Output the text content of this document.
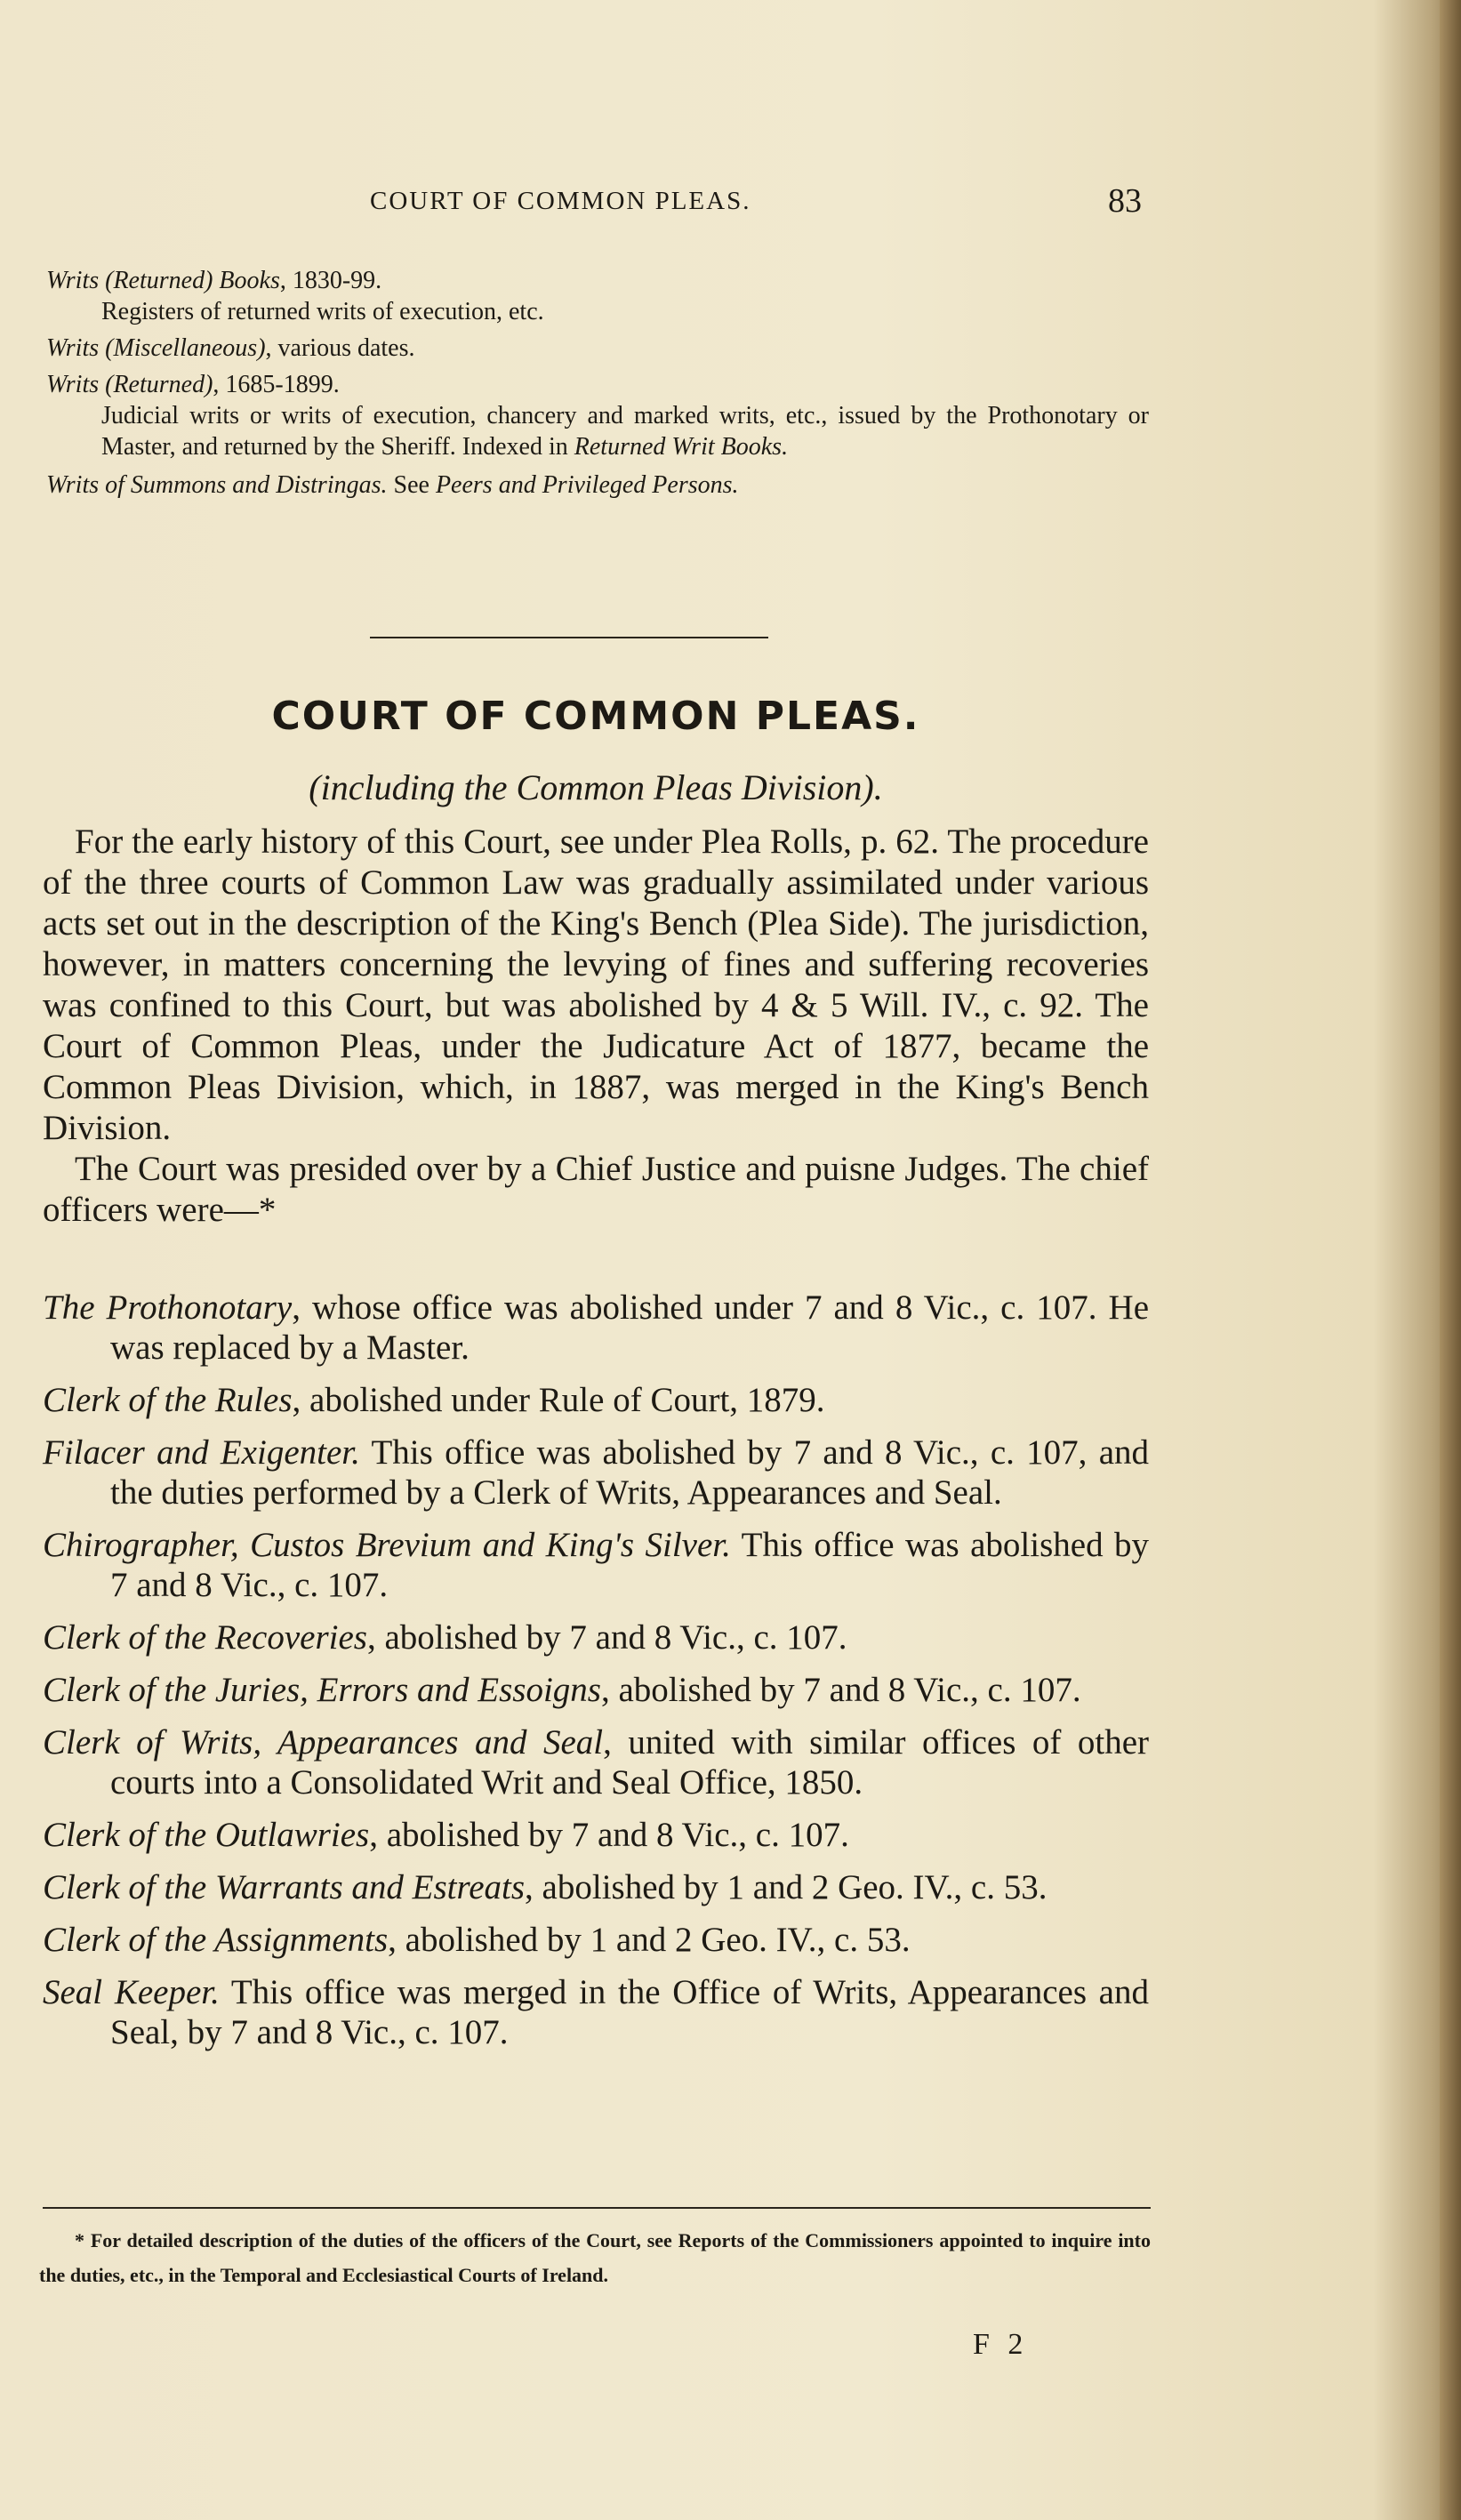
COURT OF COMMON PLEAS.	83

Writs (Returned) Books, 1830-99.

Registers of returned writs of execution, etc.

Writs (Miscellaneous), various dates.

Writs (Returned), 1685-1899.

Judicial writs or writs of execution, chancery and marked writs, etc., issued by the Prothonotary or Master, and returned by the Sheriff. Indexed in Returned Writ Books.

Writs of Summons and Distringas. See Peers and Privileged Persons.

COURT OF COMMON PLEAS.
(including the Common Pleas Division).

For the early history of this Court, see under Plea Rolls, p. 62. The procedure of the three courts of Common Law was gradually assimilated under various acts set out in the description of the King's Bench (Plea Side). The jurisdiction, however, in matters concerning the levying of fines and suffering recoveries was confined to this Court, but was abolished by 4 & 5 Will. IV., c. 92. The Court of Common Pleas, under the Judicature Act of 1877, became the Common Pleas Division, which, in 1887, was merged in the King's Bench Division.

The Court was presided over by a Chief Justice and puisne Judges. The chief officers were—*

The Prothonotary, whose office was abolished under 7 and 8 Vic., c. 107. He was replaced by a Master.

Clerk of the Rules, abolished under Rule of Court, 1879.

Filacer and Exigenter. This office was abolished by 7 and 8 Vic., c. 107, and the duties performed by a Clerk of Writs, Appearances and Seal.

Chirographer, Custos Brevium and King's Silver. This office was abolished by 7 and 8 Vic., c. 107.

Clerk of the Recoveries, abolished by 7 and 8 Vic., c. 107.

Clerk of the Juries, Errors and Essoigns, abolished by 7 and 8 Vic., c. 107.

Clerk of Writs, Appearances and Seal, united with similar offices of other courts into a Consolidated Writ and Seal Office, 1850.

Clerk of the Outlawries, abolished by 7 and 8 Vic., c. 107.

Clerk of the Warrants and Estreats, abolished by 1 and 2 Geo. IV., c. 53.

Clerk of the Assignments, abolished by 1 and 2 Geo. IV., c. 53.

Seal Keeper. This office was merged in the Office of Writs, Appearances and Seal, by 7 and 8 Vic., c. 107.

* For detailed description of the duties of the officers of the Court, see Reports of the Commissioners appointed to inquire into the duties, etc., in the Temporal and Ecclesiastical Courts of Ireland.

F 2
